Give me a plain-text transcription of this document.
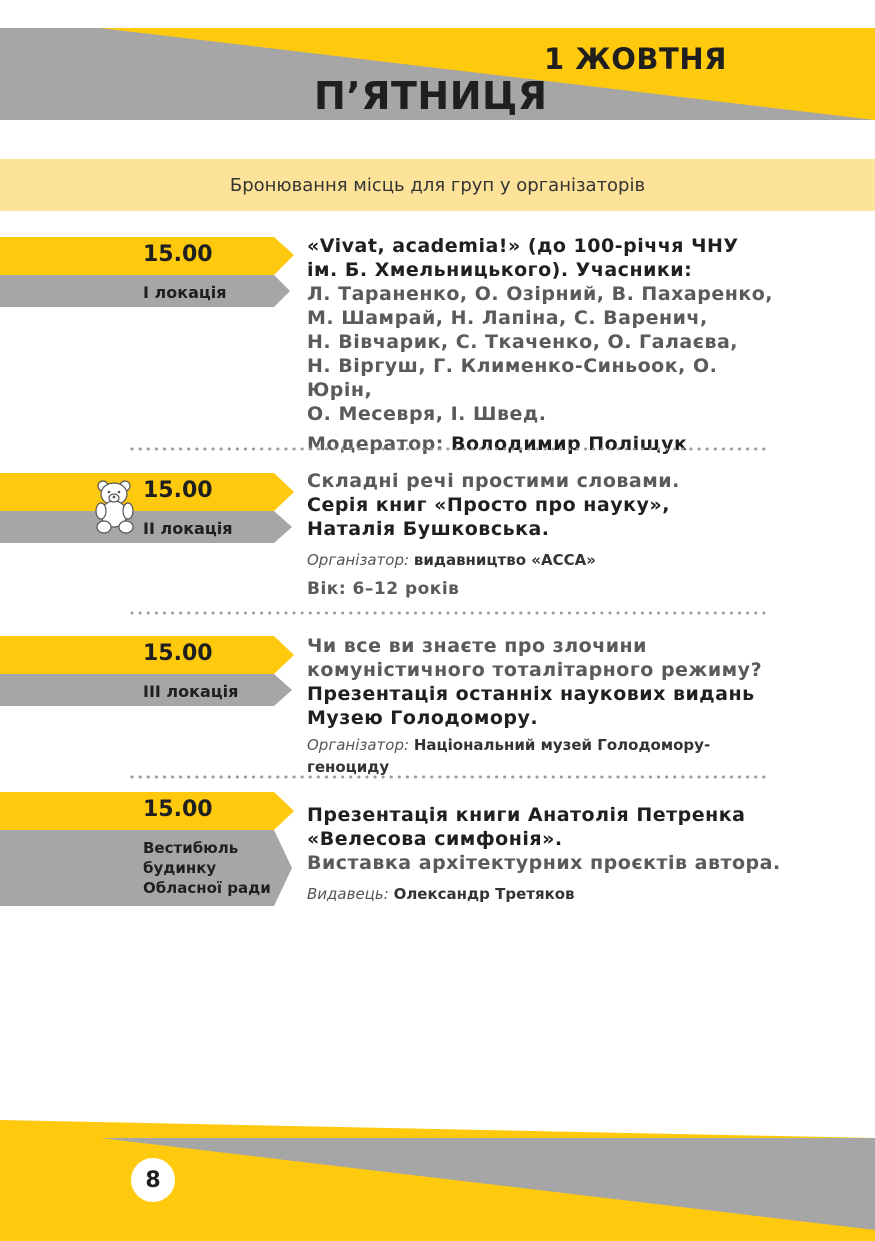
1 ЖОВТНЯ
П’ЯТНИЦЯ
Бронювання місць для груп у організаторів
15.00
І локація

«Vivat, academia!» (до 100-річчя ЧНУ
ім. Б. Хмельницького). Учасники:

Л. Тараненко, О. Озірний, В. Пахаренко,
М. Шамрай, Н. Лапіна, С. Варенич,
Н. Вівчарик, С. Ткаченко, О. Галаєва,
Н. Віргуш, Г. Клименко-Синьоок, О. Юрін,
О. Месевря, І. Швед.

Модератор: Володимир Поліщук

15.00
ІІ локація

Складні речі простими словами.

Серія книг «Просто про науку»,
Наталія Бушковська.

Організатор: видавництво «АССА»

Вік: 6–12 років

15.00
ІІІ локація

Чи все ви знаєте про злочини
комуністичного тоталітарного режиму?

Презентація останніх наукових видань
Музею Голодомору.

Організатор: Національний музей Голодомору-геноциду

15.00
Вестибюль
будинку
Обласної ради

Презентація книги Анатолія Петренка
«Велесова симфонія».

Виставка архітектурних проєктів автора.

Видавець: Олександр Третяков

8
